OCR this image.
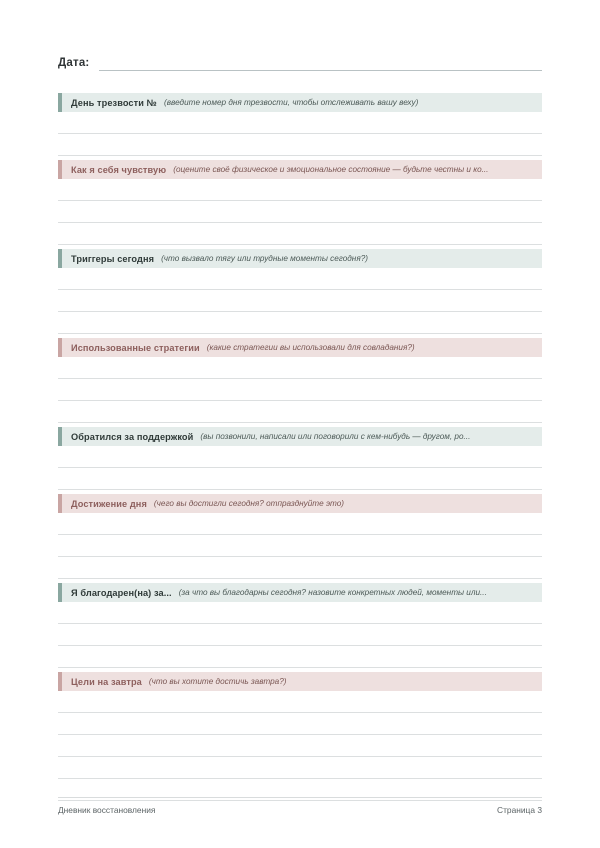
Дата:
День трезвости № (введите номер дня трезвости, чтобы отслеживать вашу веху)
Как я себя чувствую (оцените своё физическое и эмоциональное состояние — будьте честны и ко...
Триггеры сегодня (что вызвало тягу или трудные моменты сегодня?)
Использованные стратегии (какие стратегии вы использовали для совладания?)
Обратился за поддержкой (вы позвонили, написали или поговорили с кем-нибудь — другом, ро...
Достижение дня (чего вы достигли сегодня? отпразднуйте это)
Я благодарен(на) за... (за что вы благодарны сегодня? назовите конкретных людей, моменты или...
Цели на завтра (что вы хотите достичь завтра?)
Дневник восстановления	Страница 3
